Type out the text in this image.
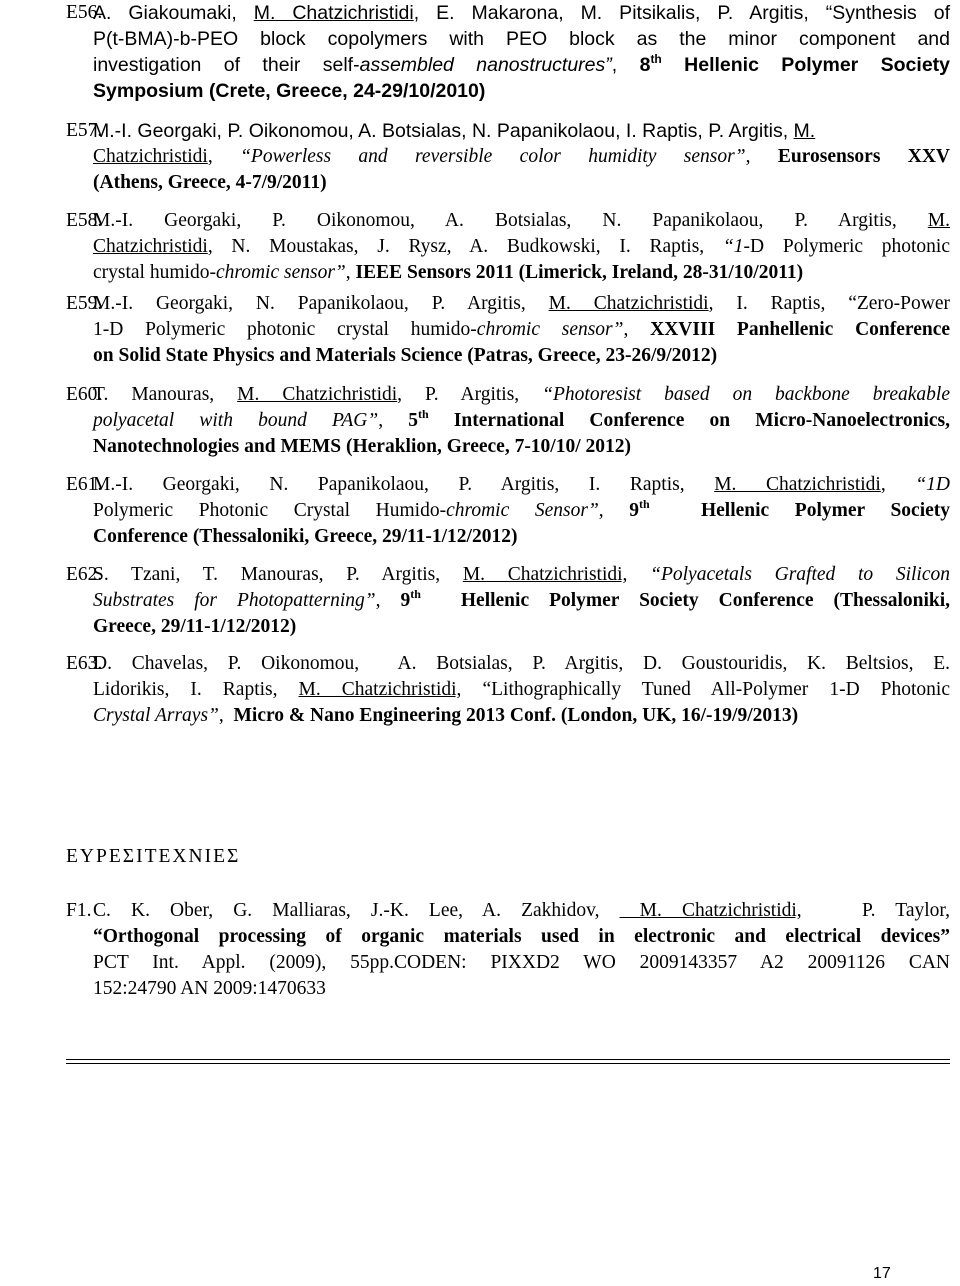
E56.
A. Giakoumaki, M. Chatzichristidi, E. Makarona, M. Pitsikalis, P. Argitis, “Synthesis of
P(t-BMA)-b-PEO block copolymers with PEO block as the minor component and
investigation of their self-assembled nanostructures”, 8th Hellenic Polymer Society
Symposium (Crete, Greece, 24-29/10/2010)
E57.
M.-I. Georgaki, P. Oikonomou, A. Botsialas, N. Papanikolaou, I. Raptis, P. Argitis, M.
Chatzichristidi, “Powerless and reversible color humidity sensor”, Eurosensors XXV
(Athens, Greece, 4-7/9/2011)
E58.
M.-I. Georgaki, P. Oikonomou, A. Botsialas, N. Papanikolaou, P. Argitis, M.
Chatzichristidi, N. Moustakas, J. Rysz, A. Budkowski, I. Raptis, “1-D Polymeric photonic
crystal humido-chromic sensor”, IEEE Sensors 2011 (Limerick, Ireland, 28-31/10/2011)
E59.
M.-I. Georgaki, N. Papanikolaou, P. Argitis, M. Chatzichristidi, I. Raptis, “Zero-Power
1-D Polymeric photonic crystal humido-chromic sensor”, XXVIII Panhellenic Conference
on Solid State Physics and Materials Science (Patras, Greece, 23-26/9/2012)
E60.
T. Manouras, M. Chatzichristidi, P. Argitis, “Photoresist based on backbone breakable
polyacetal with bound PAG”, 5th International Conference on Micro-Nanoelectronics,
Nanotechnologies and MEMS (Heraklion, Greece, 7-10/10/ 2012)
E61.
M.-I. Georgaki, N. Papanikolaou, P. Argitis, I. Raptis, M. Chatzichristidi, “1D
Polymeric Photonic Crystal Humido-chromic Sensor”, 9th  Hellenic Polymer Society
Conference (Thessaloniki, Greece, 29/11-1/12/2012)
E62.
S. Tzani, T. Manouras, P. Argitis, M. Chatzichristidi, “Polyacetals Grafted to Silicon
Substrates for Photopatterning”, 9th  Hellenic Polymer Society Conference (Thessaloniki,
Greece, 29/11-1/12/2012)
E63.
D. Chavelas, P. Oikonomou,  A. Botsialas, P. Argitis, D. Goustouridis, K. Beltsios, E.
Lidorikis, I. Raptis, M. Chatzichristidi, “Lithographically Tuned All-Polymer 1-D Photonic
Crystal Arrays”,  Micro & Nano Engineering 2013 Conf. (London, UK, 16/-19/9/2013)
ΕΥΡΕΣΙΤΕΧΝΙΕΣ
F1. C. K. Ober, G. Malliaras, J.-K. Lee, A. Zakhidov,  M. Chatzichristidi,   P. Taylor,
“Orthogonal processing of organic materials used in electronic and electrical devices”
PCT Int. Appl. (2009), 55pp.CODEN: PIXXD2 WO 2009143357 A2 20091126 CAN
152:24790 AN 2009:1470633
17
